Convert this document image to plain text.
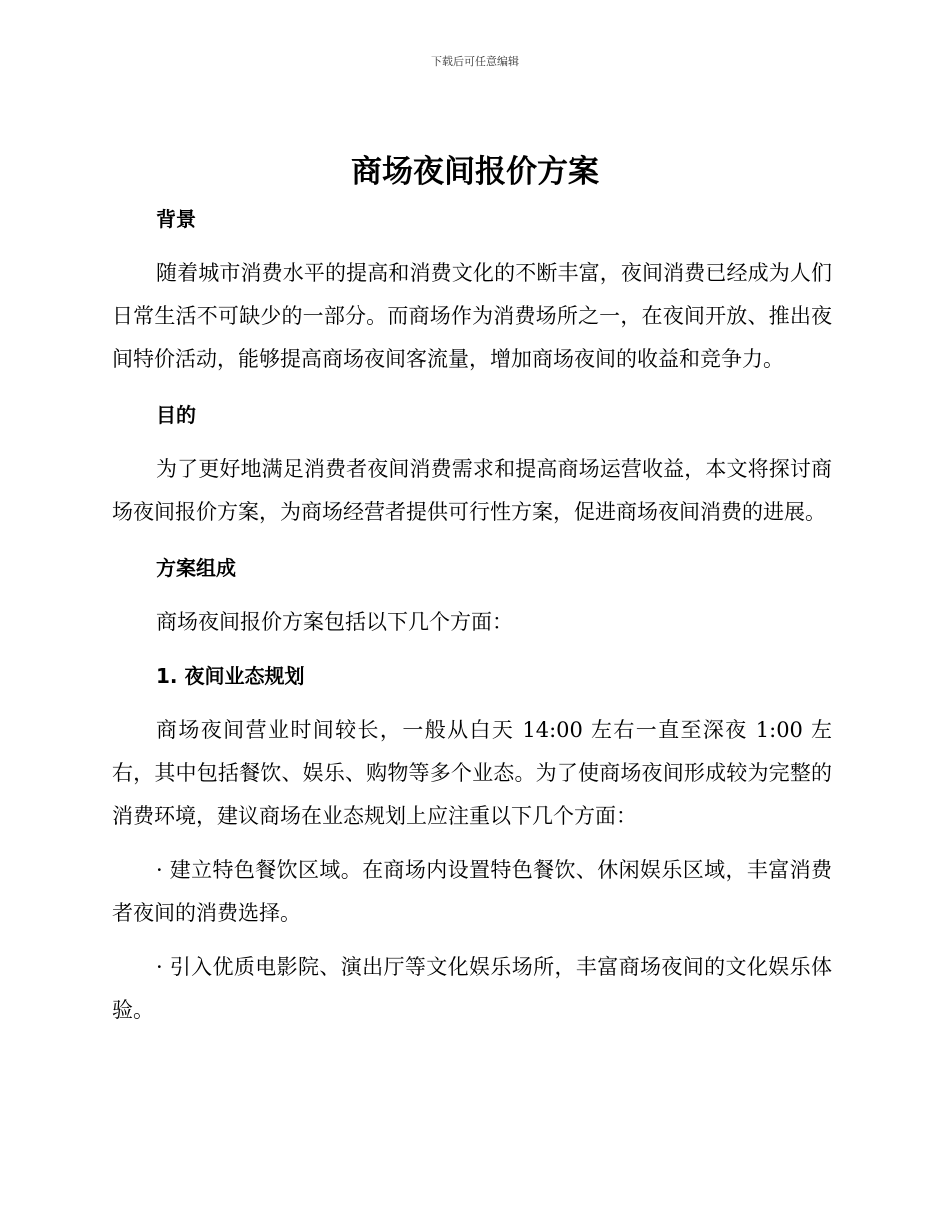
下载后可任意编辑
商场夜间报价方案
背景

随着城市消费水平的提高和消费文化的不断丰富，夜间消费已经成为人们日常生活不可缺少的一部分。而商场作为消费场所之一，在夜间开放、推出夜间特价活动，能够提高商场夜间客流量，增加商场夜间的收益和竞争力。

目的

为了更好地满足消费者夜间消费需求和提高商场运营收益，本文将探讨商场夜间报价方案，为商场经营者提供可行性方案，促进商场夜间消费的进展。

方案组成

商场夜间报价方案包括以下几个方面：

1. 夜间业态规划

商场夜间营业时间较长，一般从白天 14:00 左右一直至深夜 1:00 左右，其中包括餐饮、娱乐、购物等多个业态。为了使商场夜间形成较为完整的消费环境，建议商场在业态规划上应注重以下几个方面：

· 建立特色餐饮区域。在商场内设置特色餐饮、休闲娱乐区域，丰富消费者夜间的消费选择。

· 引入优质电影院、演出厅等文化娱乐场所，丰富商场夜间的文化娱乐体验。
